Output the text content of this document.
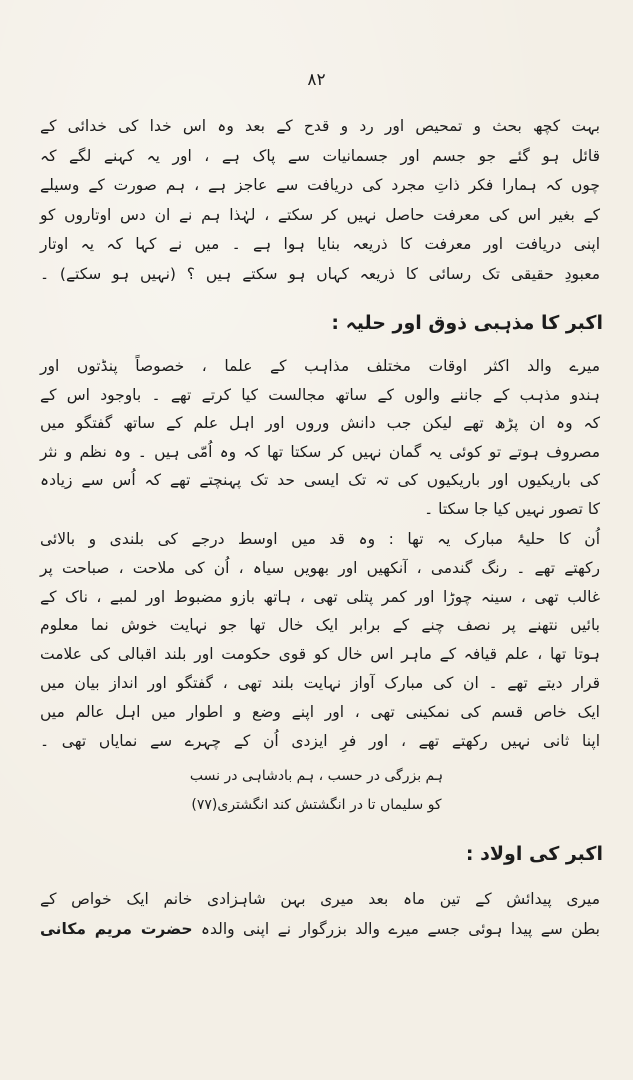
۸۲
بہت کچھ بحث و تمحیص اور رد و قدح کے بعد وہ اس خدا کی خدائی کے
قائل ہو گئے جو جسم اور جسمانیات سے پاک ہے ، اور یہ کہنے لگے کہ
چوں کہ ہمارا فکر ذاتِ مجرد کی دریافت سے عاجز ہے ، ہم صورت کے وسیلے
کے بغیر اس کی معرفت حاصل نہیں کر سکتے ، لہٰذا ہم نے ان دس اوتاروں کو
اپنی دریافت اور معرفت کا ذریعہ بنایا ہوا ہے ۔ میں نے کہا کہ یہ اوتار
معبودِ حقیقی تک رسائی کا ذریعہ کہاں ہو سکتے ہیں ؟ (نہیں ہو سکتے) ۔
اکبر کا مذہبی ذوق اور حلیہ :
میرے والد اکثر اوقات مختلف مذاہب کے علما ، خصوصاً پنڈتوں اور
ہندو مذہب کے جاننے والوں کے ساتھ مجالست کیا کرتے تھے ۔ باوجود اس کے
کہ وہ ان پڑھ تھے لیکن جب دانش وروں اور اہل علم کے ساتھ گفتگو میں
مصروف ہوتے تو کوئی یہ گمان نہیں کر سکتا تھا کہ وہ اُمّی ہیں ۔ وہ نظم و نثر
کی باریکیوں اور باریکیوں کی تہ تک ایسی حد تک پہنچتے تھے کہ اُس سے زیادہ
کا تصور نہیں کیا جا سکتا ۔
اُن کا حلیۂ مبارک یہ تھا : وہ قد میں اوسط درجے کی بلندی و بالائی
رکھتے تھے ۔ رنگ گندمی ، آنکھیں اور بھویں سیاہ ، اُن کی ملاحت ، صباحت پر
غالب تھی ، سینہ چوڑا اور کمر پتلی تھی ، ہاتھ بازو مضبوط اور لمبے ، ناک کے
بائیں نتھنے پر نصف چنے کے برابر ایک خال تھا جو نہایت خوش نما معلوم
ہوتا تھا ، علم قیافہ کے ماہر اس خال کو قوی حکومت اور بلند اقبالی کی علامت
قرار دیتے تھے ۔ ان کی مبارک آواز نہایت بلند تھی ، گفتگو اور انداز بیان میں
ایک خاص قسم کی نمکینی تھی ، اور اپنے وضع و اطوار میں اہل عالم میں
اپنا ثانی نہیں رکھتے تھے ، اور فرِ ایزدی اُن کے چہرے سے نمایاں تھی ۔
ہم بزرگی در حسب ، ہم بادشاہی در نسب
کو سلیماں تا در انگشتش کند انگشتری(۷۷)
اکبر کی اولاد :
میری پیدائش کے تین ماہ بعد میری بہن شاہزادی خانم ایک خواص کے
بطن سے پیدا ہوئی جسے میرے والد بزرگوار نے اپنی والدہ حضرت مریم مکانی
